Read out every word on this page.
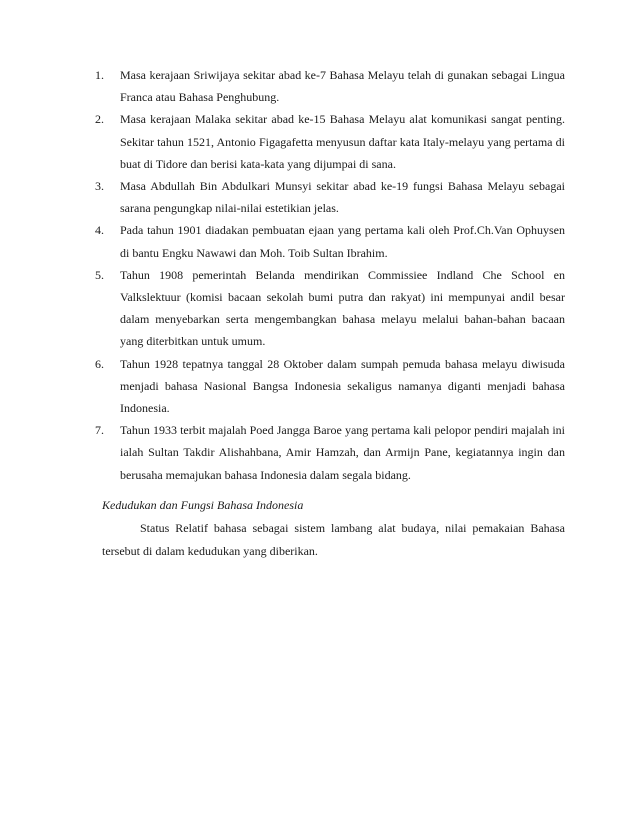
1. Masa kerajaan Sriwijaya sekitar abad ke-7 Bahasa Melayu telah di gunakan sebagai Lingua Franca atau Bahasa Penghubung.
2. Masa kerajaan Malaka sekitar abad ke-15 Bahasa Melayu alat komunikasi sangat penting. Sekitar tahun 1521, Antonio Figagafetta menyusun daftar kata Italy-melayu yang pertama di buat di Tidore dan berisi kata-kata yang dijumpai di sana.
3. Masa Abdullah Bin Abdulkari Munsyi sekitar abad ke-19 fungsi Bahasa Melayu sebagai sarana pengungkap nilai-nilai estetikian jelas.
4. Pada tahun 1901 diadakan pembuatan ejaan yang pertama kali oleh Prof.Ch.Van Ophuysen di bantu Engku Nawawi dan Moh. Toib Sultan Ibrahim.
5. Tahun 1908 pemerintah Belanda mendirikan Commissiee Indland Che School en Valkslektuur (komisi bacaan sekolah bumi putra dan rakyat) ini mempunyai andil besar dalam menyebarkan serta mengembangkan bahasa melayu melalui bahan-bahan bacaan yang diterbitkan untuk umum.
6. Tahun 1928 tepatnya tanggal 28 Oktober dalam sumpah pemuda bahasa melayu diwisuda menjadi bahasa Nasional Bangsa Indonesia sekaligus namanya diganti menjadi bahasa Indonesia.
7. Tahun 1933 terbit majalah Poed Jangga Baroe yang pertama kali pelopor pendiri majalah ini ialah Sultan Takdir Alishahbana, Amir Hamzah, dan Armijn Pane, kegiatannya ingin dan berusaha memajukan bahasa Indonesia dalam segala bidang.
Kedudukan dan Fungsi Bahasa Indonesia

Status Relatif bahasa sebagai sistem lambang alat budaya, nilai pemakaian Bahasa tersebut di dalam kedudukan yang diberikan.
